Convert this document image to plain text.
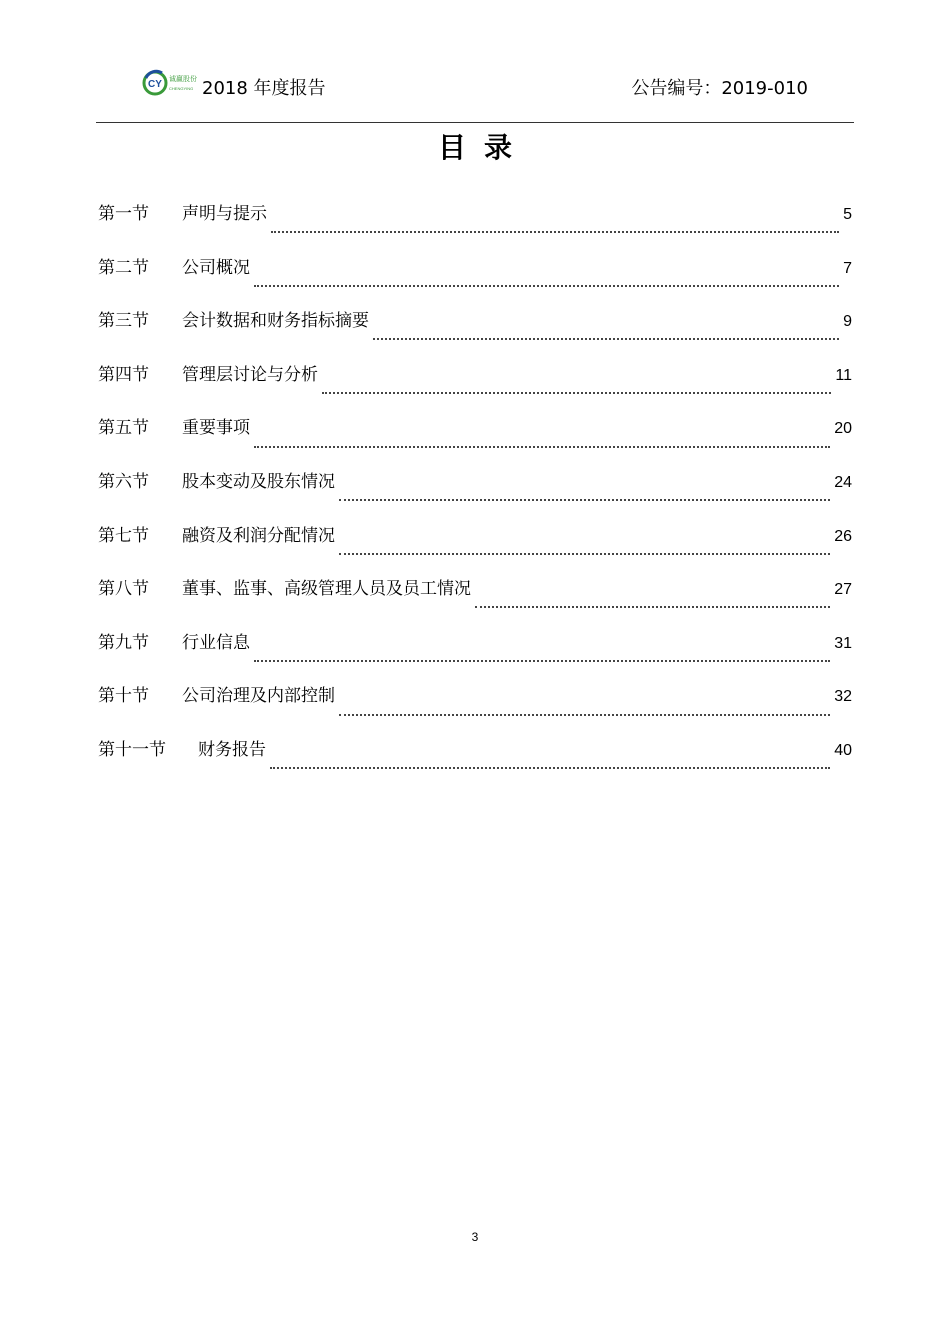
CY 诚赢股份
CHENGYING 2018 年度报告	公告编号：2019-010
目录
第一节	声明与提示	5
第二节	公司概况	7
第三节	会计数据和财务指标摘要	9
第四节	管理层讨论与分析	11
第五节	重要事项	20
第六节	股本变动及股东情况	24
第七节	融资及利润分配情况	26
第八节	董事、监事、高级管理人员及员工情况	27
第九节	行业信息	31
第十节	公司治理及内部控制	32
第十一节	财务报告	40
3
